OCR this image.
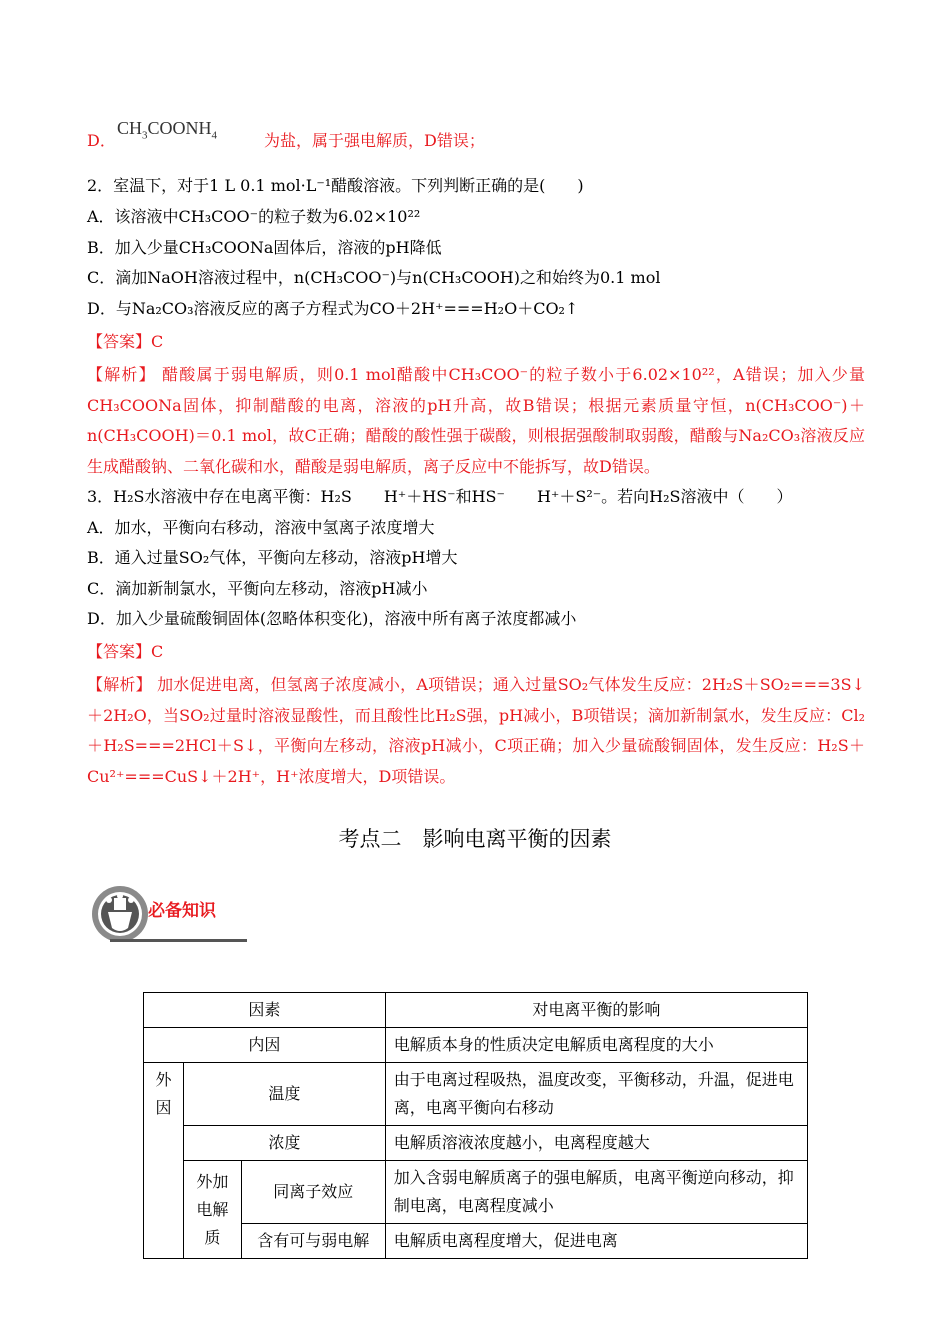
D．	为盐，属于强电解质，D错误；
$CH_3COONH_4$
2．室温下，对于1 L 0.1 mol·L⁻¹醋酸溶液。下列判断正确的是(　　)
A．该溶液中CH₃COO⁻的粒子数为6.02×10²²
B．加入少量CH₃COONa固体后，溶液的pH降低
C．滴加NaOH溶液过程中，n(CH₃COO⁻)与n(CH₃COOH)之和始终为0.1 mol
D．与Na₂CO₃溶液反应的离子方程式为CO＋2H⁺===H₂O＋CO₂↑
【答案】C
【解析】 醋酸属于弱电解质，则0.1 mol醋酸中CH₃COO⁻的粒子数小于6.02×10²²，A错误；加入少量CH₃COONa固体，抑制醋酸的电离，溶液的pH升高，故B错误；根据元素质量守恒，n(CH₃COO⁻)＋n(CH₃COOH)＝0.1 mol，故C正确；醋酸的酸性强于碳酸，则根据强酸制取弱酸，醋酸与Na₂CO₃溶液反应生成醋酸钠、二氧化碳和水，醋酸是弱电解质，离子反应中不能拆写，故D错误。
3．H₂S水溶液中存在电离平衡：H₂S　　H⁺＋HS⁻和HS⁻　　H⁺＋S²⁻。若向H₂S溶液中（　　）
A．加水，平衡向右移动，溶液中氢离子浓度增大
B．通入过量SO₂气体，平衡向左移动，溶液pH增大
C．滴加新制氯水，平衡向左移动，溶液pH减小
D．加入少量硫酸铜固体(忽略体积变化)，溶液中所有离子浓度都减小
【答案】C
【解析】 加水促进电离，但氢离子浓度减小，A项错误；通入过量SO₂气体发生反应：2H₂S＋SO₂===3S↓＋2H₂O，当SO₂过量时溶液显酸性，而且酸性比H₂S强，pH减小，B项错误；滴加新制氯水，发生反应：Cl₂＋H₂S===2HCl＋S↓，平衡向左移动，溶液pH减小，C项正确；加入少量硫酸铜固体，发生反应：H₂S＋Cu²⁺===CuS↓＋2H⁺，H⁺浓度增大，D项错误。
考点二　影响电离平衡的因素
必备知识
因素			对电离平衡的影响
内因			电解质本身的性质决定电解质电离程度的大小
外因	温度		由于电离过程吸热，温度改变，平衡移动，升温，促进电离，电离平衡向右移动
	浓度		电解质溶液浓度越小，电离程度越大
	外加电解质	同离子效应	加入含弱电解质离子的强电解质，电离平衡逆向移动，抑制电离，电离程度减小
		含有可与弱电解	电解质电离程度增大，促进电离
